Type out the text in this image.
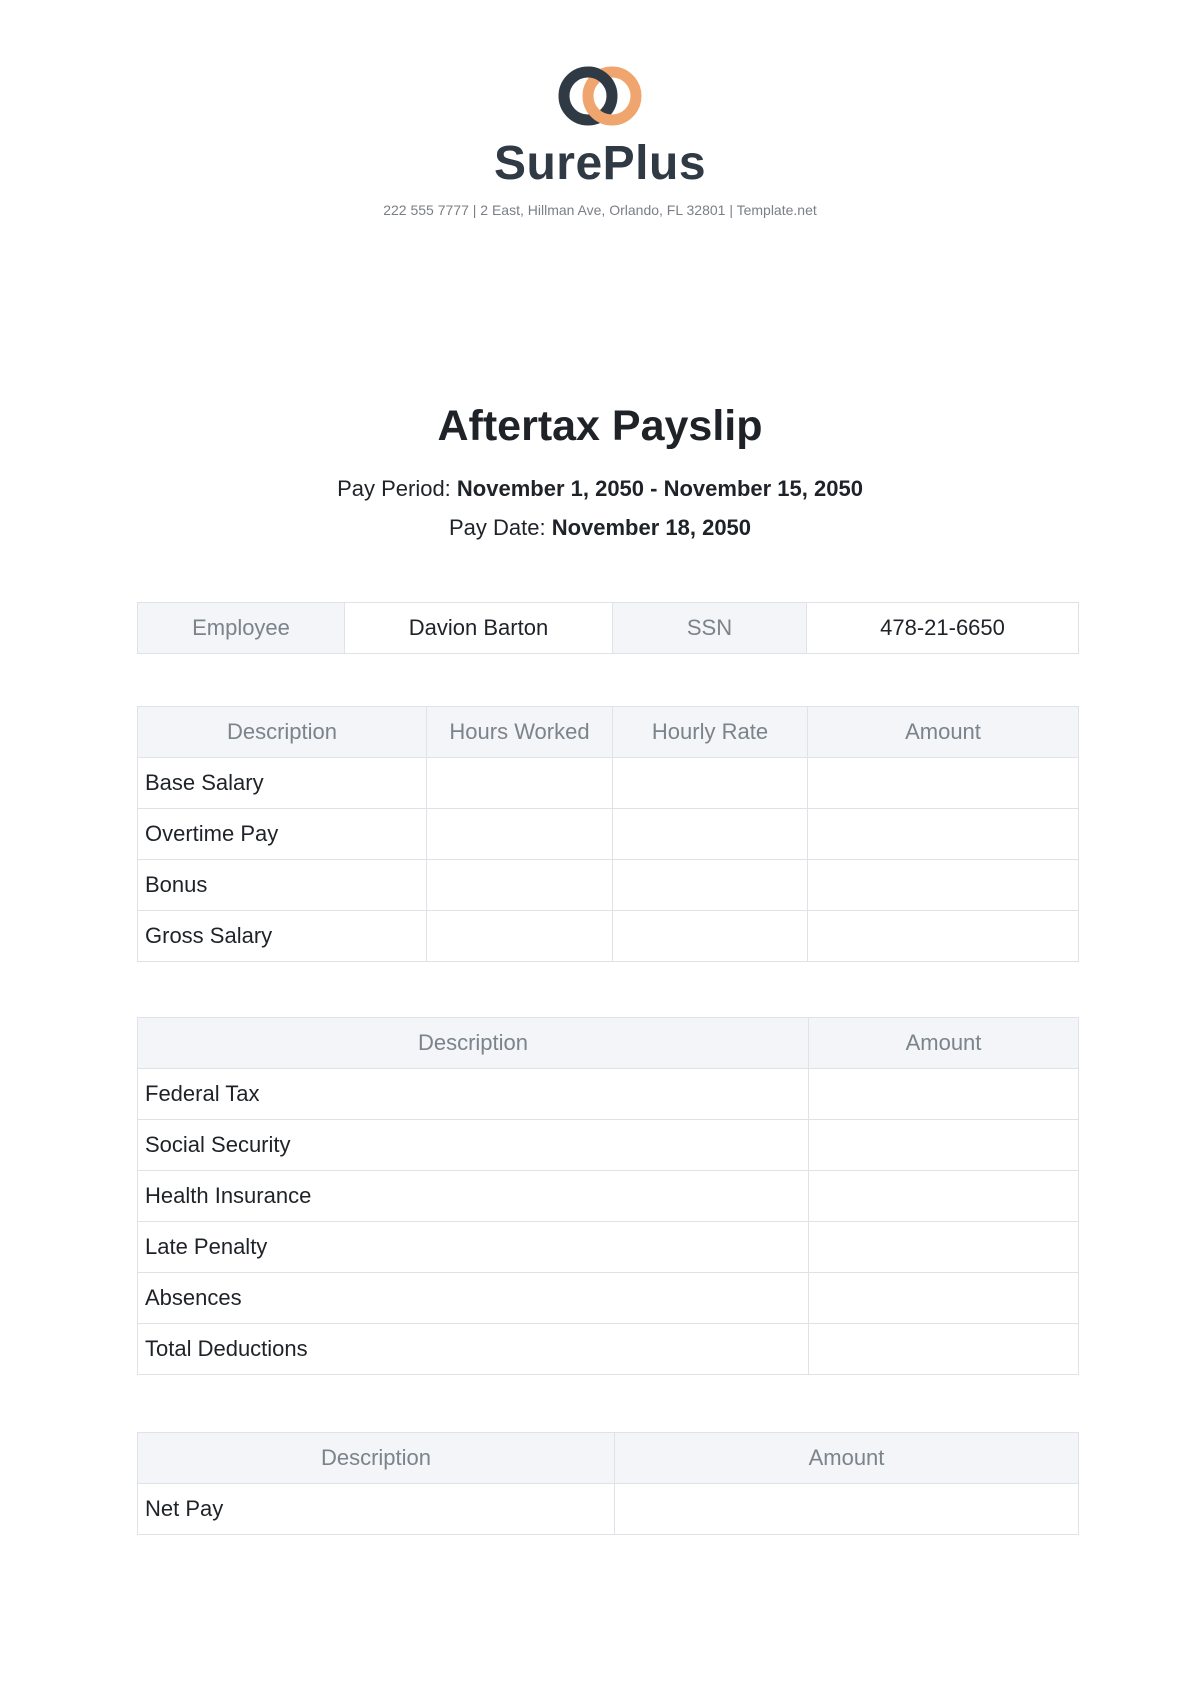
SurePlus
222 555 7777 | 2 East, Hillman Ave, Orlando, FL 32801 | Template.net
Aftertax Payslip
Pay Period: November 1, 2050 - November 15, 2050
Pay Date: November 18, 2050
Employee	Davion Barton	SSN	478-21-6650
Description	Hours Worked	Hourly Rate	Amount
Base Salary			
Overtime Pay			
Bonus			
Gross Salary			
Description	Amount
Federal Tax	
Social Security	
Health Insurance	
Late Penalty	
Absences	
Total Deductions	
Description	Amount
Net Pay	
